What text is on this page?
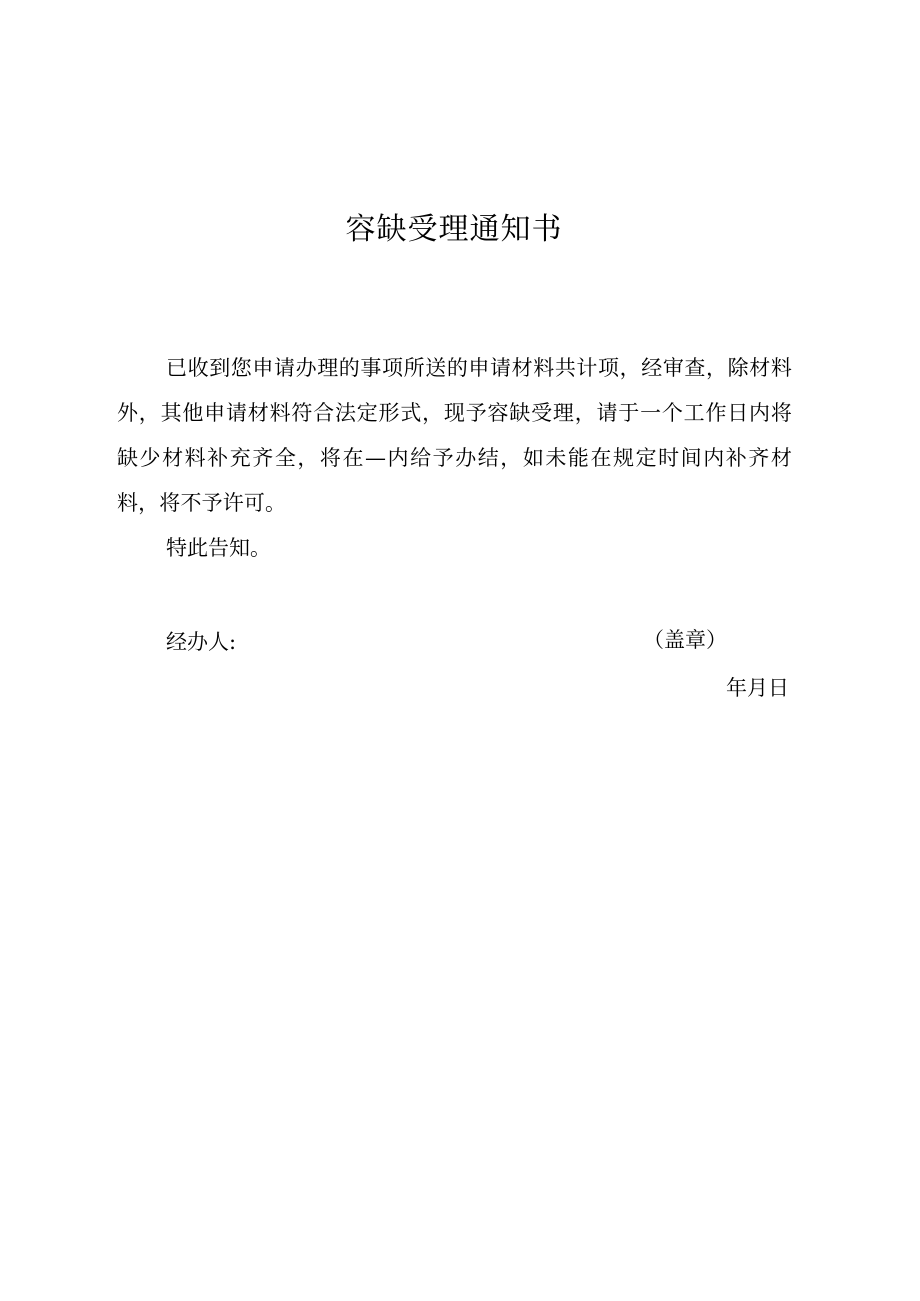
容缺受理通知书

已收到您申请办理的事项所送的申请材料共计项，经审查，除材料外，其他申请材料符合法定形式，现予容缺受理，请于一个工作日内将缺少材料补充齐全，将在—内给予办结，如未能在规定时间内补齐材料，将不予许可。

特此告知。

经办人:	（盖章）

年月日
